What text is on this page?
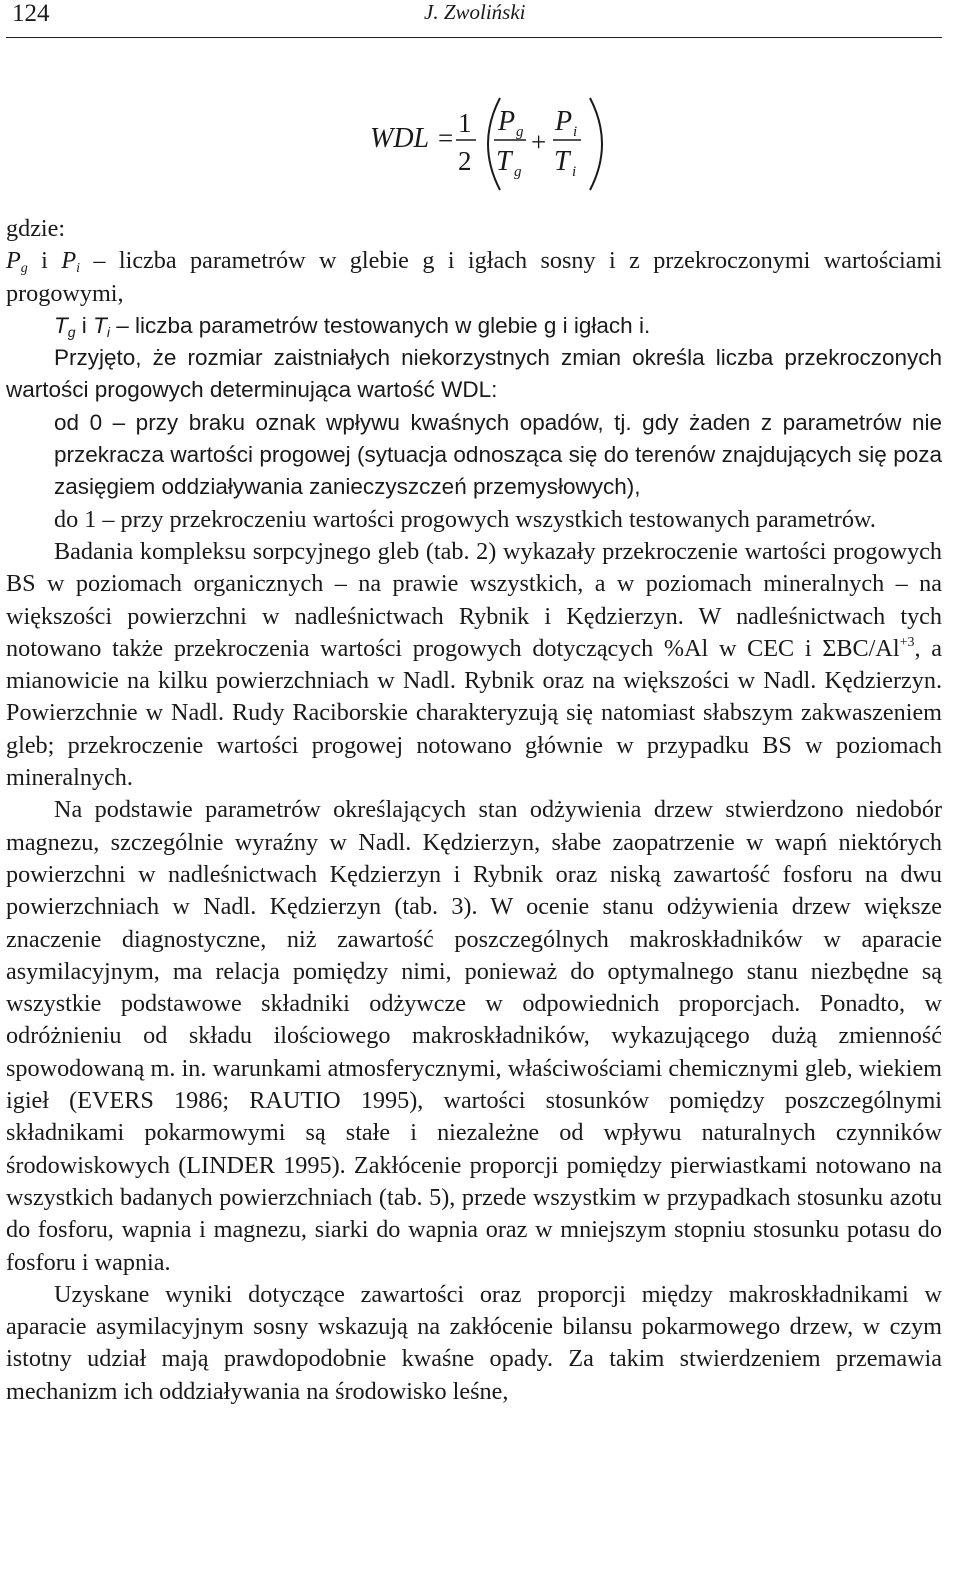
124	J. Zwoliński
WDL = 1
2
P g
T g
+
P i
T i

gdzie:

$P_g$ i $P_i$ – liczba parametrów w glebie g i igłach sosny i z przekroczonymi wartościami progowymi,

$T_g$ i $T_i$ – liczba parametrów testowanych w glebie g i igłach i.

Przyjęto, że rozmiar zaistniałych niekorzystnych zmian określa liczba przekroczonych wartości progowych determinująca wartość WDL:

od 0 – przy braku oznak wpływu kwaśnych opadów, tj. gdy żaden z parametrów nie przekracza wartości progowej (sytuacja odnosząca się do terenów znajdujących się poza zasięgiem oddziaływania zanieczyszczeń przemysłowych),

do 1 – przy przekroczeniu wartości progowych wszystkich testowanych parametrów.

Badania kompleksu sorpcyjnego gleb (tab. 2) wykazały przekroczenie wartości progowych BS w poziomach organicznych – na prawie wszystkich, a w poziomach mineralnych – na większości powierzchni w nadleśnictwach Rybnik i Kędzierzyn. W nadleśnictwach tych notowano także przekroczenia wartości progowych dotyczących %Al w CEC i ΣBC/$Al^{+3}$, a mianowicie na kilku powierzchniach w Nadl. Rybnik oraz na większości w Nadl. Kędzierzyn. Powierzchnie w Nadl. Rudy Raciborskie charakteryzują się natomiast słabszym zakwaszeniem gleb; przekroczenie wartości progowej notowano głównie w przypadku BS w poziomach mineralnych.

Na podstawie parametrów określających stan odżywienia drzew stwierdzono niedobór magnezu, szczególnie wyraźny w Nadl. Kędzierzyn, słabe zaopatrzenie w wapń niektórych powierzchni w nadleśnictwach Kędzierzyn i Rybnik oraz niską zawartość fosforu na dwu powierzchniach w Nadl. Kędzierzyn (tab. 3). W ocenie stanu odżywienia drzew większe znaczenie diagnostyczne, niż zawartość poszczególnych makroskładników w aparacie asymilacyjnym, ma relacja pomiędzy nimi, ponieważ do optymalnego stanu niezbędne są wszystkie podstawowe składniki odżywcze w odpowiednich proporcjach. Ponadto, w odróżnieniu od składu ilościowego makroskładników, wykazującego dużą zmienność spowodowaną m. in. warunkami atmosferycznymi, właściwościami chemicznymi gleb, wiekiem igieł (EVERS 1986; RAUTIO 1995), wartości stosunków pomiędzy poszczególnymi składnikami pokarmowymi są stałe i niezależne od wpływu naturalnych czynników środowiskowych (LINDER 1995). Zakłócenie proporcji pomiędzy pierwiastkami notowano na wszystkich badanych powierzchniach (tab. 5), przede wszystkim w przypadkach stosunku azotu do fosforu, wapnia i magnezu, siarki do wapnia oraz w mniejszym stopniu stosunku potasu do fosforu i wapnia.

Uzyskane wyniki dotyczące zawartości oraz proporcji między makroskładnikami w aparacie asymilacyjnym sosny wskazują na zakłócenie bilansu pokarmowego drzew, w czym istotny udział mają prawdopodobnie kwaśne opady. Za takim stwierdzeniem przemawia mechanizm ich oddziaływania na środowisko leśne,
